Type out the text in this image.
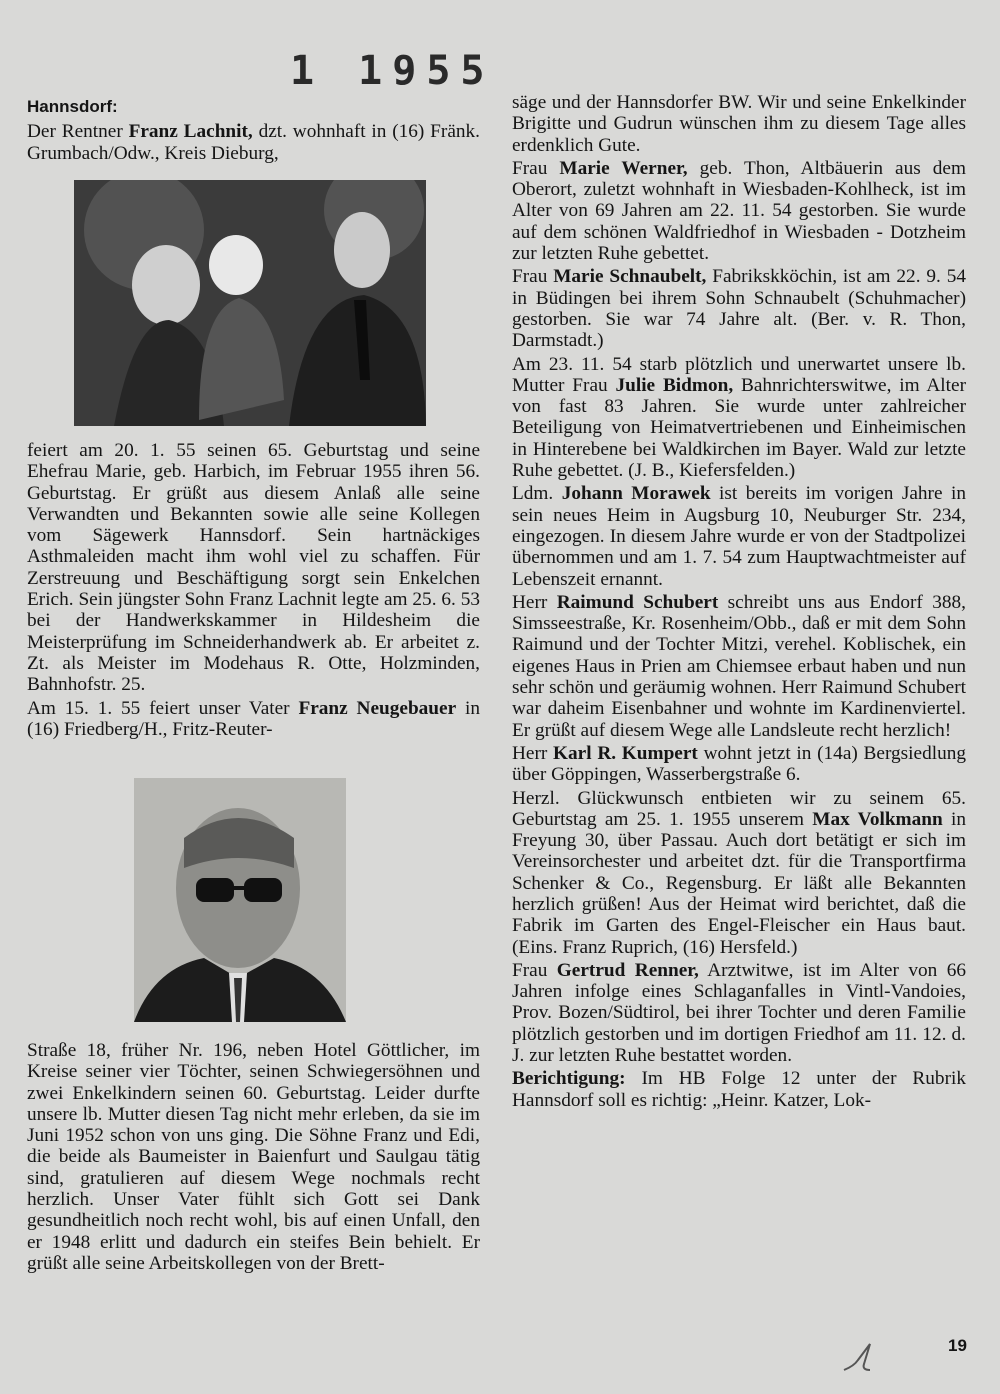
1 1955
Hannsdorf:

Der Rentner Franz Lachnit, dzt. wohnhaft in (16) Fränk. Grumbach/Odw., Kreis Dieburg,

feiert am 20. 1. 55 seinen 65. Geburtstag und seine Ehefrau Marie, geb. Harbich, im Februar 1955 ihren 56. Geburtstag. Er grüßt aus diesem Anlaß alle seine Verwandten und Bekannten sowie alle seine Kollegen vom Sägewerk Hannsdorf. Sein hartnäckiges Asthmaleiden macht ihm wohl viel zu schaffen. Für Zerstreuung und Beschäftigung sorgt sein Enkelchen Erich. Sein jüngster Sohn Franz Lachnit legte am 25. 6. 53 bei der Handwerkskammer in Hildesheim die Meisterprüfung im Schneiderhandwerk ab. Er arbeitet z. Zt. als Meister im Modehaus R. Otte, Holzminden, Bahnhofstr. 25.

Am 15. 1. 55 feiert unser Vater Franz Neugebauer in (16) Friedberg/H., Fritz-Reuter-

Straße 18, früher Nr. 196, neben Hotel Göttlicher, im Kreise seiner vier Töchter, seinen Schwiegersöhnen und zwei Enkelkindern seinen 60. Geburtstag. Leider durfte unsere lb. Mutter diesen Tag nicht mehr erleben, da sie im Juni 1952 schon von uns ging. Die Söhne Franz und Edi, die beide als Baumeister in Baienfurt und Saulgau tätig sind, gratulieren auf diesem Wege nochmals recht herzlich. Unser Vater fühlt sich Gott sei Dank gesundheitlich noch recht wohl, bis auf einen Unfall, den er 1948 erlitt und dadurch ein steifes Bein behielt. Er grüßt alle seine Arbeitskollegen von der Brett-

säge und der Hannsdorfer BW. Wir und seine Enkelkinder Brigitte und Gudrun wünschen ihm zu diesem Tage alles erdenklich Gute.

Frau Marie Werner, geb. Thon, Altbäuerin aus dem Oberort, zuletzt wohnhaft in Wiesbaden-Kohlheck, ist im Alter von 69 Jahren am 22. 11. 54 gestorben. Sie wurde auf dem schönen Waldfriedhof in Wiesbaden - Dotzheim zur letzten Ruhe gebettet.

Frau Marie Schnaubelt, Fabrikskköchin, ist am 22. 9. 54 in Büdingen bei ihrem Sohn Schnaubelt (Schuhmacher) gestorben. Sie war 74 Jahre alt. (Ber. v. R. Thon, Darmstadt.)

Am 23. 11. 54 starb plötzlich und unerwartet unsere lb. Mutter Frau Julie Bidmon, Bahnrichterswitwe, im Alter von fast 83 Jahren. Sie wurde unter zahlreicher Beteiligung von Heimatvertriebenen und Einheimischen in Hinterebene bei Waldkirchen im Bayer. Wald zur letzte Ruhe gebettet. (J. B., Kiefersfelden.)

Ldm. Johann Morawek ist bereits im vorigen Jahre in sein neues Heim in Augsburg 10, Neuburger Str. 234, eingezogen. In diesem Jahre wurde er von der Stadtpolizei übernommen und am 1. 7. 54 zum Hauptwachtmeister auf Lebenszeit ernannt.

Herr Raimund Schubert schreibt uns aus Endorf 388, Simsseestraße, Kr. Rosenheim/Obb., daß er mit dem Sohn Raimund und der Tochter Mitzi, verehel. Koblischek, ein eigenes Haus in Prien am Chiemsee erbaut haben und nun sehr schön und geräumig wohnen. Herr Raimund Schubert war daheim Eisenbahner und wohnte im Kardinenviertel. Er grüßt auf diesem Wege alle Landsleute recht herzlich!

Herr Karl R. Kumpert wohnt jetzt in (14a) Bergsiedlung über Göppingen, Wasserbergstraße 6.

Herzl. Glückwunsch entbieten wir zu seinem 65. Geburtstag am 25. 1. 1955 unserem Max Volkmann in Freyung 30, über Passau. Auch dort betätigt er sich im Vereinsorchester und arbeitet dzt. für die Transportfirma Schenker & Co., Regensburg. Er läßt alle Bekannten herzlich grüßen! Aus der Heimat wird berichtet, daß die Fabrik im Garten des Engel-Fleischer ein Haus baut. (Eins. Franz Ruprich, (16) Hersfeld.)

Frau Gertrud Renner, Arztwitwe, ist im Alter von 66 Jahren infolge eines Schlaganfalles in Vintl-Vandoies, Prov. Bozen/Südtirol, bei ihrer Tochter und deren Familie plötzlich gestorben und im dortigen Friedhof am 11. 12. d. J. zur letzten Ruhe bestattet worden.

Berichtigung: Im HB Folge 12 unter der Rubrik Hannsdorf soll es richtig: „Heinr. Katzer, Lok-

19
